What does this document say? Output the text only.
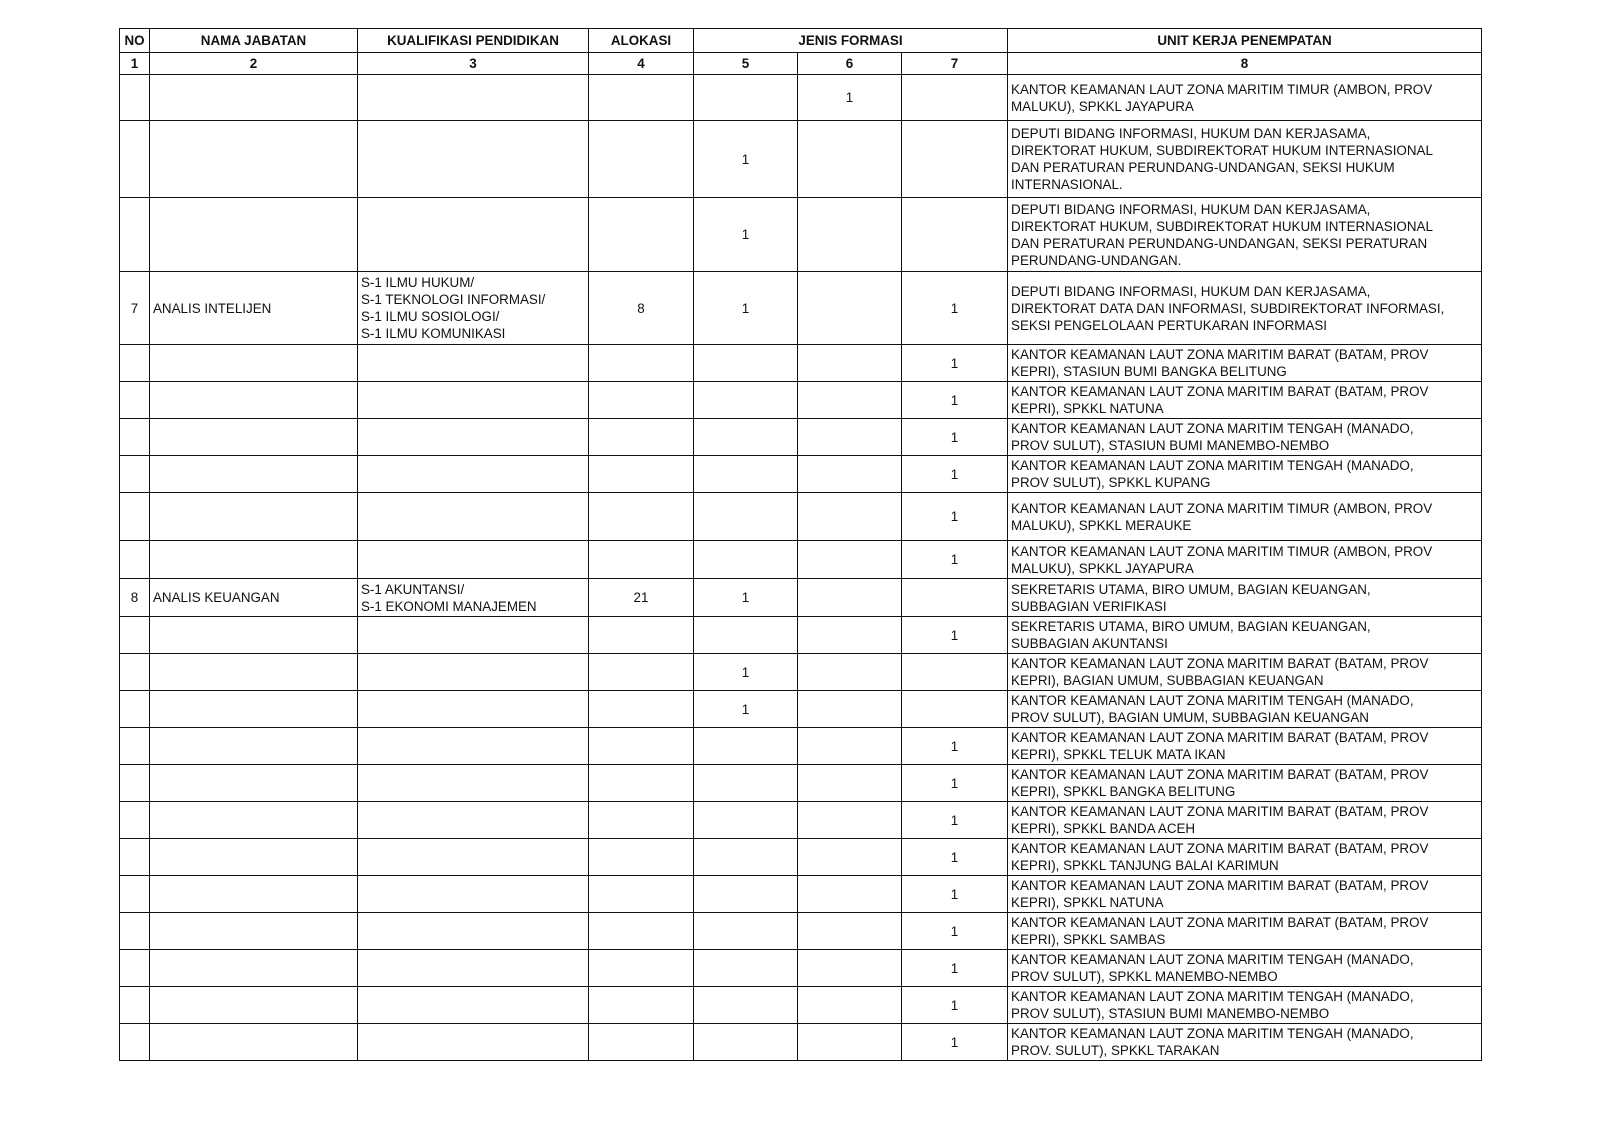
NO	NAMA JABATAN	KUALIFIKASI PENDIDIKAN	ALOKASI	JENIS FORMASI			UNIT KERJA PENEMPATAN
1	2	3	4	5	6	7	8
					1		KANTOR KEAMANAN LAUT ZONA MARITIM TIMUR (AMBON, PROV
MALUKU), SPKKL JAYAPURA

				1			DEPUTI BIDANG INFORMASI, HUKUM DAN KERJASAMA,
DIREKTORAT HUKUM, SUBDIREKTORAT HUKUM INTERNASIONAL
DAN PERATURAN PERUNDANG-UNDANGAN, SEKSI HUKUM
INTERNASIONAL.

				1			DEPUTI BIDANG INFORMASI, HUKUM DAN KERJASAMA,
DIREKTORAT HUKUM, SUBDIREKTORAT HUKUM INTERNASIONAL
DAN PERATURAN PERUNDANG-UNDANGAN, SEKSI PERATURAN
PERUNDANG-UNDANGAN.

7	ANALIS INTELIJEN	S-1 ILMU HUKUM/
S-1 TEKNOLOGI INFORMASI/
S-1 ILMU SOSIOLOGI/
S-1 ILMU KOMUNIKASI	8	1		1	DEPUTI BIDANG INFORMASI, HUKUM DAN KERJASAMA,
DIREKTORAT DATA DAN INFORMASI, SUBDIREKTORAT INFORMASI,
SEKSI PENGELOLAAN PERTUKARAN INFORMASI

						1	KANTOR KEAMANAN LAUT ZONA MARITIM BARAT (BATAM, PROV
KEPRI), STASIUN BUMI BANGKA BELITUNG

						1	KANTOR KEAMANAN LAUT ZONA MARITIM BARAT (BATAM, PROV
KEPRI), SPKKL NATUNA

						1	KANTOR KEAMANAN LAUT ZONA MARITIM TENGAH (MANADO,
PROV SULUT), STASIUN BUMI MANEMBO-NEMBO

						1	KANTOR KEAMANAN LAUT ZONA MARITIM TENGAH (MANADO,
PROV SULUT), SPKKL KUPANG

						1	KANTOR KEAMANAN LAUT ZONA MARITIM TIMUR (AMBON, PROV
MALUKU), SPKKL MERAUKE

						1	KANTOR KEAMANAN LAUT ZONA MARITIM TIMUR (AMBON, PROV
MALUKU), SPKKL JAYAPURA

8	ANALIS KEUANGAN	S-1 AKUNTANSI/
S-1 EKONOMI MANAJEMEN	21	1			SEKRETARIS UTAMA, BIRO UMUM, BAGIAN KEUANGAN,
SUBBAGIAN VERIFIKASI

						1	SEKRETARIS UTAMA, BIRO UMUM, BAGIAN KEUANGAN,
SUBBAGIAN AKUNTANSI

				1			KANTOR KEAMANAN LAUT ZONA MARITIM BARAT (BATAM, PROV
KEPRI), BAGIAN UMUM, SUBBAGIAN KEUANGAN

				1			KANTOR KEAMANAN LAUT ZONA MARITIM TENGAH (MANADO,
PROV SULUT), BAGIAN UMUM, SUBBAGIAN KEUANGAN

						1	KANTOR KEAMANAN LAUT ZONA MARITIM BARAT (BATAM, PROV
KEPRI), SPKKL TELUK MATA IKAN

						1	KANTOR KEAMANAN LAUT ZONA MARITIM BARAT (BATAM, PROV
KEPRI), SPKKL BANGKA BELITUNG

						1	KANTOR KEAMANAN LAUT ZONA MARITIM BARAT (BATAM, PROV
KEPRI), SPKKL BANDA ACEH

						1	KANTOR KEAMANAN LAUT ZONA MARITIM BARAT (BATAM, PROV
KEPRI), SPKKL TANJUNG BALAI KARIMUN

						1	KANTOR KEAMANAN LAUT ZONA MARITIM BARAT (BATAM, PROV
KEPRI), SPKKL NATUNA

						1	KANTOR KEAMANAN LAUT ZONA MARITIM BARAT (BATAM, PROV
KEPRI), SPKKL SAMBAS

						1	KANTOR KEAMANAN LAUT ZONA MARITIM TENGAH (MANADO,
PROV SULUT), SPKKL MANEMBO-NEMBO

						1	KANTOR KEAMANAN LAUT ZONA MARITIM TENGAH (MANADO,
PROV SULUT), STASIUN BUMI MANEMBO-NEMBO

						1	KANTOR KEAMANAN LAUT ZONA MARITIM TENGAH (MANADO,
PROV. SULUT), SPKKL TARAKAN
